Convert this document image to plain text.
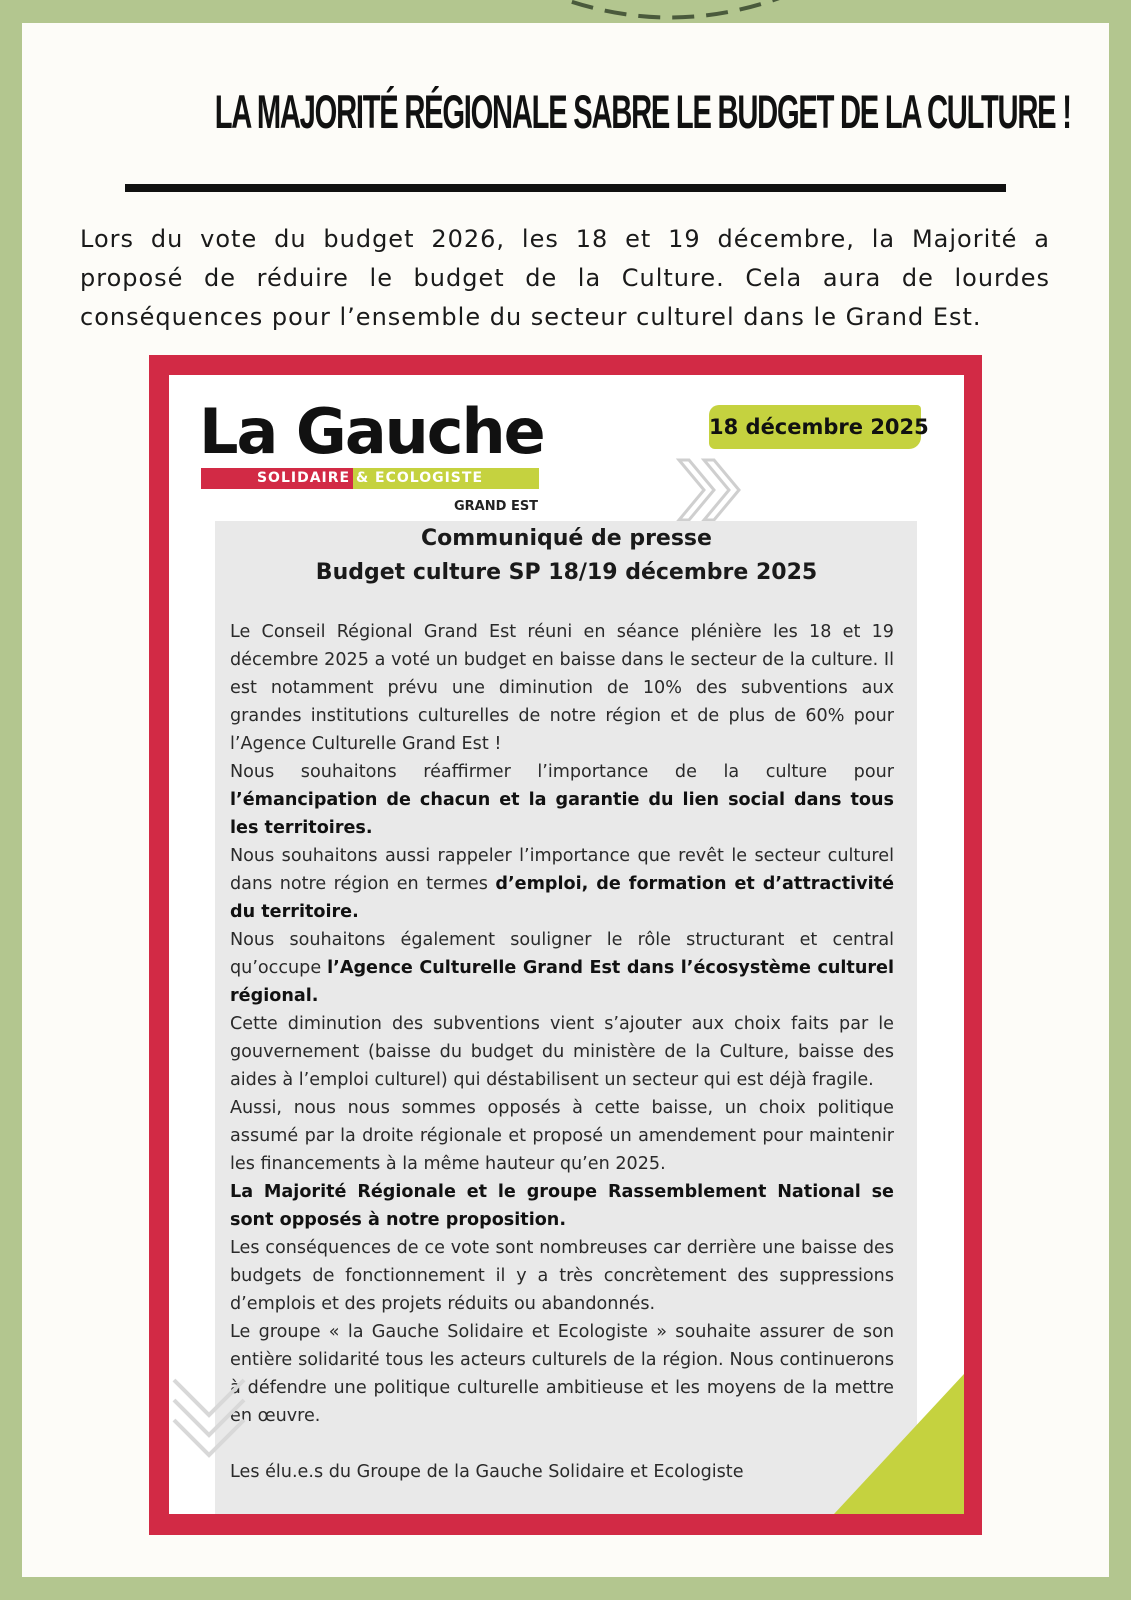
LA MAJORITÉ RÉGIONALE SABRE LE BUDGET DE LA CULTURE !

Lors du vote du budget 2026, les 18 et 19 décembre, la Majorité a proposé de réduire le budget de la Culture. Cela aura de lourdes conséquences pour l’ensemble du secteur culturel dans le Grand Est.

La Gauche
SOLIDAIRE & ECOLOGISTE
GRAND EST
18 décembre 2025
Communiqué de presse
Budget culture SP 18/19 décembre 2025

Le Conseil Régional Grand Est réuni en séance plénière les 18 et 19 décembre 2025 a voté un budget en baisse dans le secteur de la culture. Il est notamment prévu une diminution de 10% des subventions aux grandes institutions culturelles de notre région et de plus de 60% pour l’Agence Culturelle Grand Est !

Nous souhaitons réaffirmer l’importance de la culture pour l’émancipation de chacun et la garantie du lien social dans tous les territoires.

Nous souhaitons aussi rappeler l’importance que revêt le secteur culturel dans notre région en termes d’emploi, de formation et d’attractivité du territoire.

Nous souhaitons également souligner le rôle structurant et central qu’occupe l’Agence Culturelle Grand Est dans l’écosystème culturel régional.

Cette diminution des subventions vient s’ajouter aux choix faits par le gouvernement (baisse du budget du ministère de la Culture, baisse des aides à l’emploi culturel) qui déstabilisent un secteur qui est déjà fragile.

Aussi, nous nous sommes opposés à cette baisse, un choix politique assumé par la droite régionale et proposé un amendement pour maintenir les financements à la même hauteur qu’en 2025.

La Majorité Régionale et le groupe Rassemblement National se sont opposés à notre proposition.

Les conséquences de ce vote sont nombreuses car derrière une baisse des budgets de fonctionnement il y a très concrètement des suppressions d’emplois et des projets réduits ou abandonnés.

Le groupe « la Gauche Solidaire et Ecologiste » souhaite assurer de son entière solidarité tous les acteurs culturels de la région. Nous continuerons à défendre une politique culturelle ambitieuse et les moyens de la mettre en œuvre.

Les élu.e.s du Groupe de la Gauche Solidaire et Ecologiste
